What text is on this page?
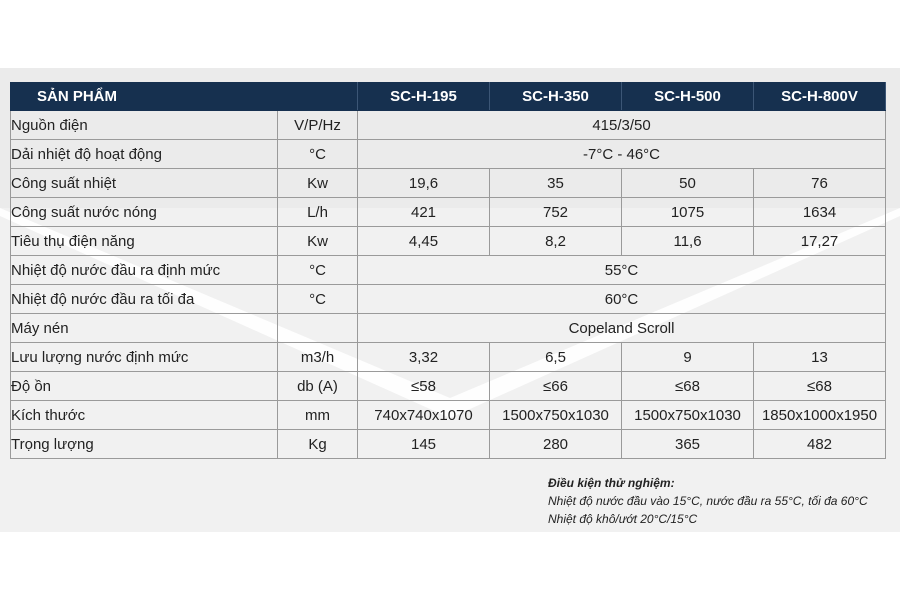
SẢN PHẨM		SC-H-195	SC-H-350	SC-H-500	SC-H-800V
Nguồn điện	V/P/Hz	415/3/50			
Dải nhiệt độ hoạt động	°C	-7°C - 46°C			
Công suất nhiệt	Kw	19,6	35	50	76
Công suất nước nóng	L/h	421	752	1075	1634
Tiêu thụ điện năng	Kw	4,45	8,2	11,6	17,27
Nhiệt độ nước đầu ra định mức	°C	55°C			
Nhiệt độ nước đầu ra tối đa	°C	60°C			
Máy nén		Copeland Scroll			
Lưu lượng nước định mức	m3/h	3,32	6,5	9	13
Độ ồn	db (A)	≤58	≤66	≤68	≤68
Kích thước	mm	740x740x1070	1500x750x1030	1500x750x1030	1850x1000x1950
Trọng lượng	Kg	145	280	365	482
Điều kiện thử nghiệm:
Nhiệt độ nước đầu vào 15°C, nước đầu ra 55°C, tối đa 60°C
Nhiệt độ khô/ướt 20°C/15°C
